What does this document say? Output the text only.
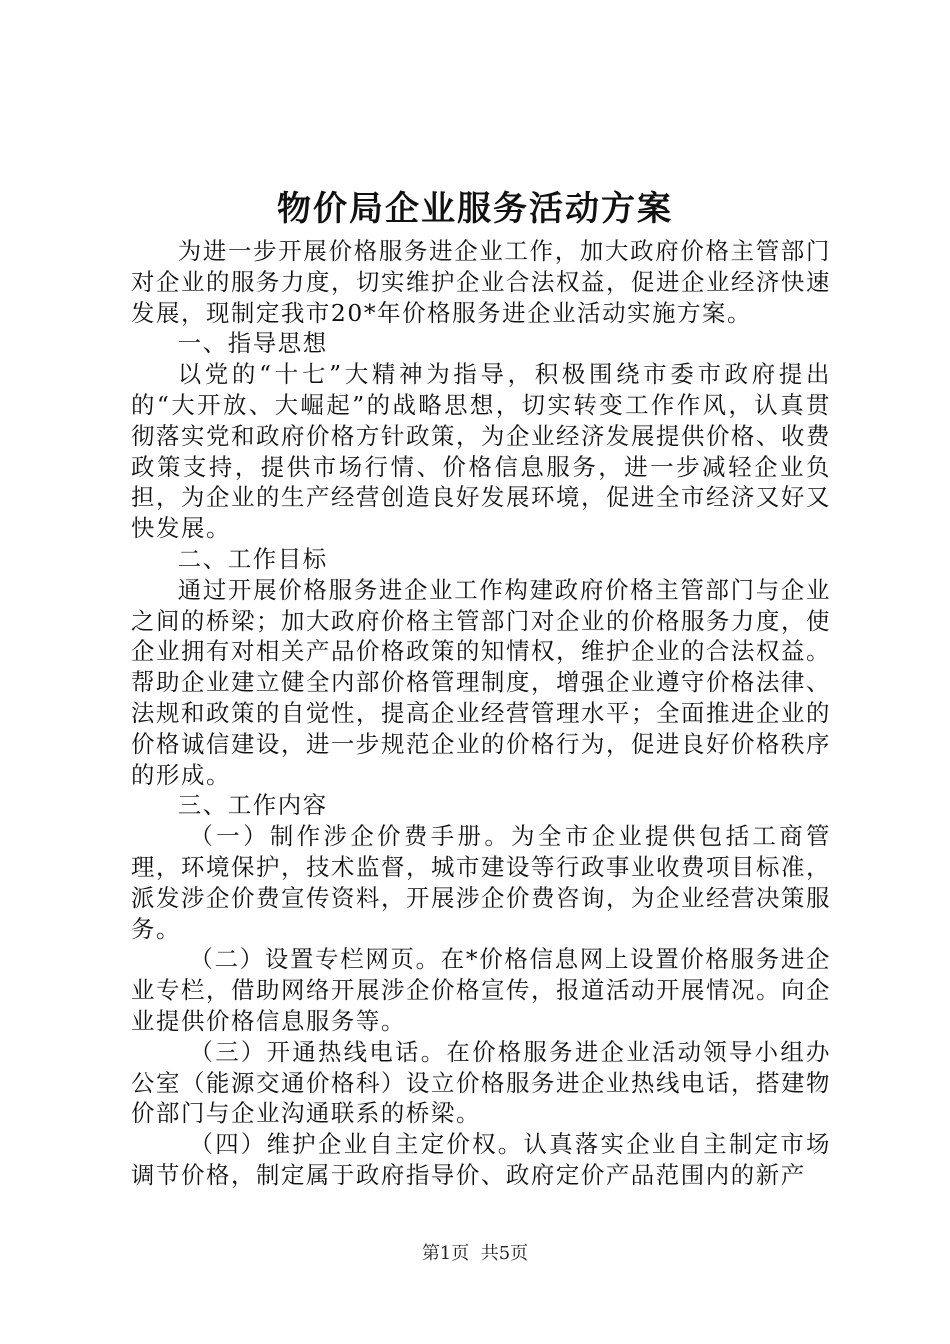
物价局企业服务活动方案

为进一步开展价格服务进企业工作，加大政府价格主管部门对企业的服务力度，切实维护企业合法权益，促进企业经济快速发展，现制定我市20*年价格服务进企业活动实施方案。

一、指导思想

以党的“十七”大精神为指导，积极围绕市委市政府提出的“大开放、大崛起”的战略思想，切实转变工作作风，认真贯彻落实党和政府价格方针政策，为企业经济发展提供价格、收费政策支持，提供市场行情、价格信息服务，进一步减轻企业负担，为企业的生产经营创造良好发展环境，促进全市经济又好又快发展。

二、工作目标

通过开展价格服务进企业工作构建政府价格主管部门与企业之间的桥梁；加大政府价格主管部门对企业的价格服务力度，使企业拥有对相关产品价格政策的知情权，维护企业的合法权益。帮助企业建立健全内部价格管理制度，增强企业遵守价格法律、法规和政策的自觉性，提高企业经营管理水平；全面推进企业的价格诚信建设，进一步规范企业的价格行为，促进良好价格秩序的形成。

三、工作内容

（一）制作涉企价费手册。为全市企业提供包括工商管理，环境保护，技术监督，城市建设等行政事业收费项目标准，派发涉企价费宣传资料，开展涉企价费咨询，为企业经营决策服务。

（二）设置专栏网页。在*价格信息网上设置价格服务进企业专栏，借助网络开展涉企价格宣传，报道活动开展情况。向企业提供价格信息服务等。

（三）开通热线电话。在价格服务进企业活动领导小组办公室（能源交通价格科）设立价格服务进企业热线电话，搭建物价部门与企业沟通联系的桥梁。

（四）维护企业自主定价权。认真落实企业自主制定市场调节价格，制定属于政府指导价、政府定价产品范围内的新产

第1页 共5页
